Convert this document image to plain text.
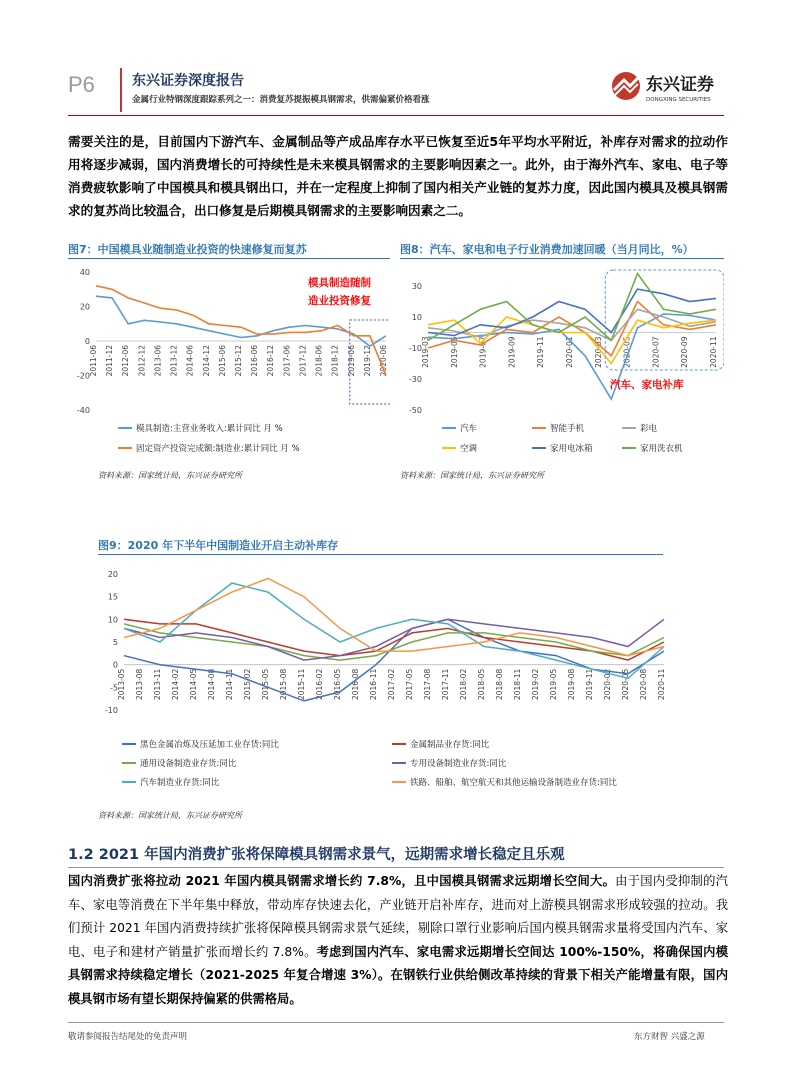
P6	东兴证券深度报告
金属行业特钢深度跟踪系列之一：消费复苏提振模具钢需求，供需偏紧价格看涨
东兴证券
DONGXING SECURITIES
需要关注的是，目前国内下游汽车、金属制品等产成品库存水平已恢复至近5年平均水平附近，补库存对需求的拉动作用将逐步减弱，国内消费增长的可持续性是未来模具钢需求的主要影响因素之一。此外，由于海外汽车、家电、电子等消费疲软影响了中国模具和模具钢出口，并在一定程度上抑制了国内相关产业链的复苏力度，因此国内模具及模具钢需求的复苏尚比较温合，出口修复是后期模具钢需求的主要影响因素之二。
图7：中国模具业随制造业投资的快速修复而复苏
-40
-20
0
20
40
2011-06 2011-12 2012-06 2012-12 2013-06 2013-12 2014-06 2014-12 2015-06 2015-12 2016-06 2016-12 2017-06 2017-12 2018-06 2018-12 2019-06 2019-12 2020-06
模具制造随制
造业投资修复
模具制造:主营业务收入:累计同比 月 %
固定资产投资完成额:制造业:累计同比 月 %
资料来源：国家统计局，东兴证券研究所
图8：汽车、家电和电子行业消费加速回暖（当月同比，%）
-50
-30
-10
10
30
2019-03	2019-05	2019-07	2019-09	2019-11	2020-01	2020-03	2020-05	2020-07	2020-09	2020-11
汽车、家电补库
汽车	智能手机	彩电
空调	家用电冰箱	家用洗衣机
资料来源：国家统计局，东兴证券研究所
图9：2020 年下半年中国制造业开启主动补库存
-10
-5
0
5
10
15
20
2013-05 2013-08 2013-11 2014-02 2014-05 2014-08 2014-11 2015-02 2015-05 2015-08 2015-11 2016-02 2016-05 2016-08 2016-11 2017-02 2017-05 2017-08 2017-11 2018-02 2018-05 2018-08 2018-11 2019-02 2019-05 2019-08 2019-11 2020-02 2020-05 2020-08 2020-11
黑色金属冶炼及压延加工业存货:同比	金属制品业存货:同比
通用设备制造业存货:同比	专用设备制造业存货:同比
汽车制造业存货:同比	铁路、船舶、航空航天和其他运输设备制造业存货:同比
资料来源：国家统计局，东兴证券研究所
1.2 2021 年国内消费扩张将保障模具钢需求景气，远期需求增长稳定且乐观
国内消费扩张将拉动 2021 年国内模具钢需求增长约 7.8%，且中国模具钢需求远期增长空间大。由于国内受抑制的汽车、家电等消费在下半年集中释放，带动库存快速去化，产业链开启补库存，进而对上游模具钢需求形成较强的拉动。我们预计 2021 年国内消费持续扩张将保障模具钢需求景气延续，剔除口罩行业影响后国内模具钢需求量将受国内汽车、家电、电子和建材产销量扩张而增长约 7.8%。考虑到国内汽车、家电需求远期增长空间达 100%-150%，将确保国内模具钢需求持续稳定增长（2021-2025 年复合增速 3%）。在钢铁行业供给侧改革持续的背景下相关产能增量有限，国内模具钢市场有望长期保持偏紧的供需格局。
敬请参阅报告结尾处的免责声明	东方财智 兴盛之源
